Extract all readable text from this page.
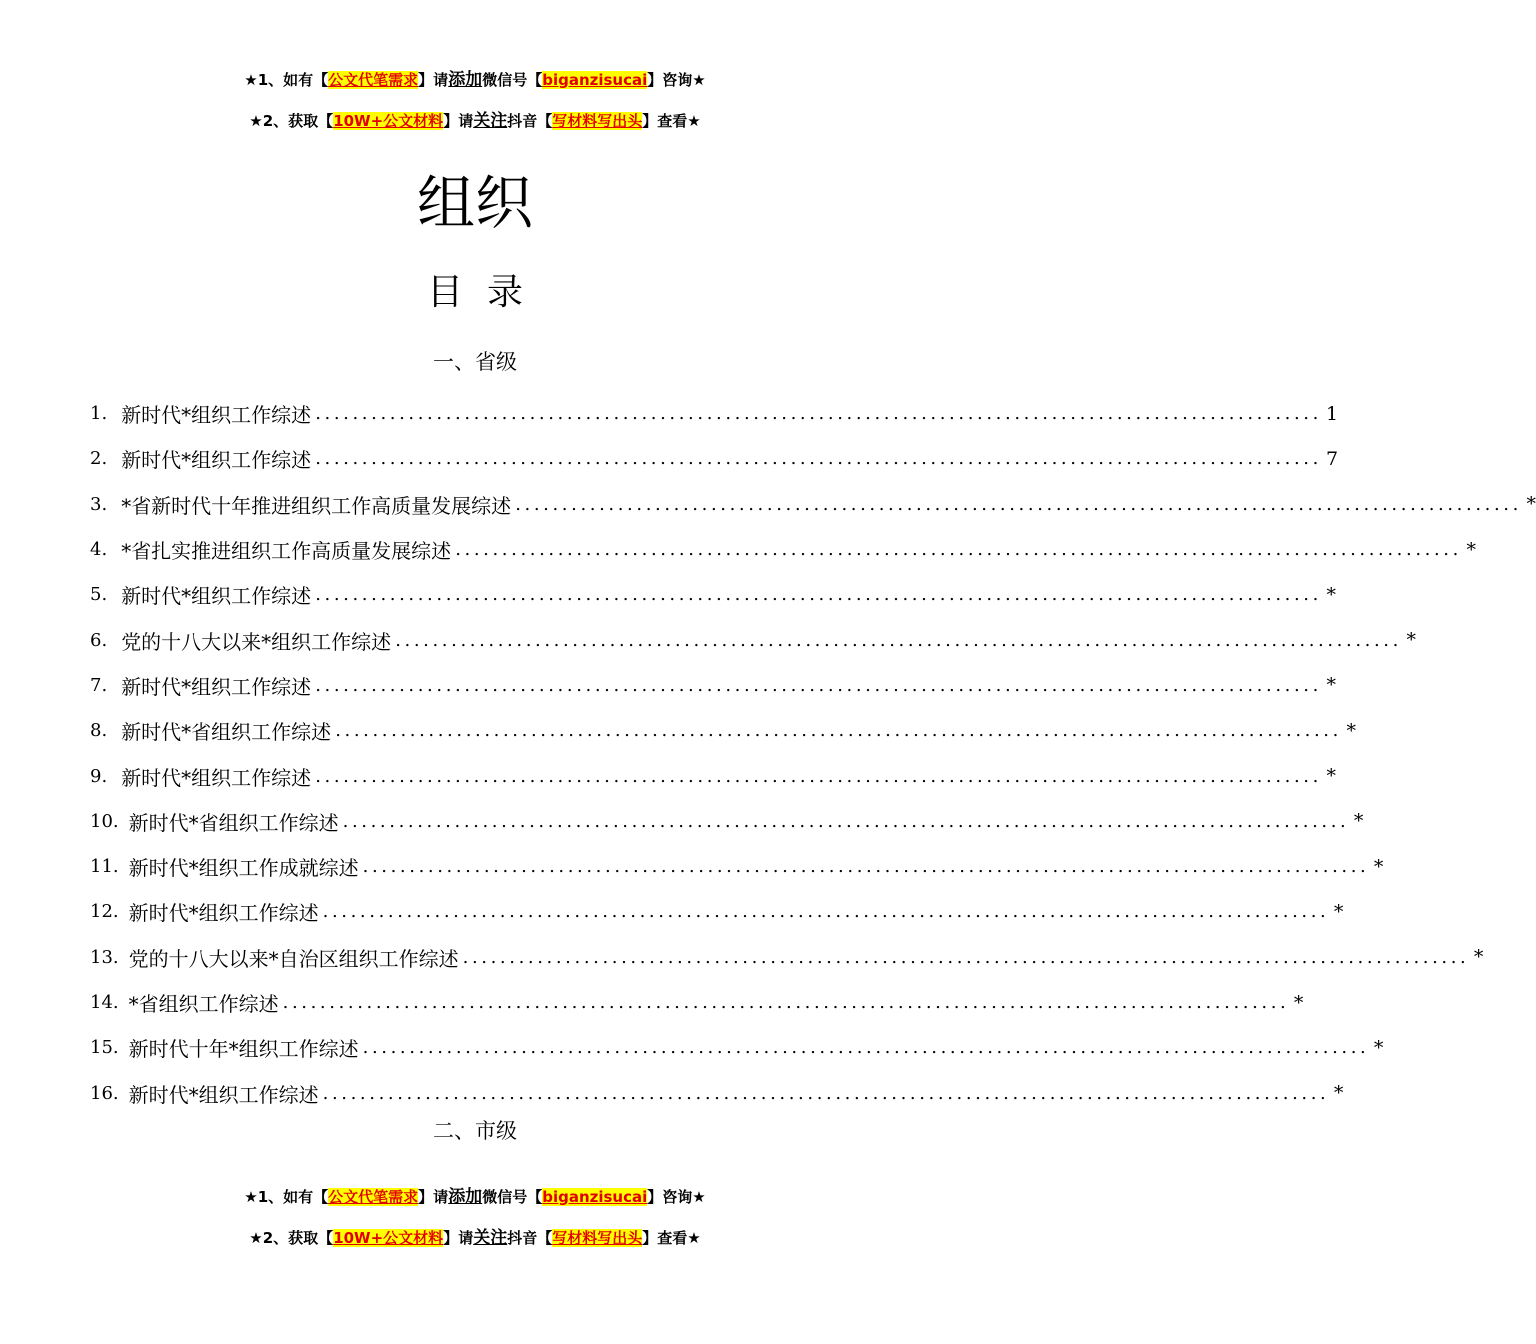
★1、如有【公文代笔需求】请添加微信号【biganzisucai】咨询★
★2、获取【10W+公文材料】请关注抖音【写材料写出头】查看★
组织
目录
一、省级
1. 新时代*组织工作综述 ............................................................................................................ 1
2. 新时代*组织工作综述 ............................................................................................................ 7
3. *省新时代十年推进组织工作高质量发展综述 ............................................................................................................ *
4. *省扎实推进组织工作高质量发展综述 ............................................................................................................ *
5. 新时代*组织工作综述 ............................................................................................................ *
6. 党的十八大以来*组织工作综述 ............................................................................................................ *
7. 新时代*组织工作综述 ............................................................................................................ *
8. 新时代*省组织工作综述 ............................................................................................................ *
9. 新时代*组织工作综述 ............................................................................................................ *
10. 新时代*省组织工作综述 ............................................................................................................ *
11. 新时代*组织工作成就综述 ............................................................................................................ *
12. 新时代*组织工作综述 ............................................................................................................ *
13. 党的十八大以来*自治区组织工作综述 ............................................................................................................ *
14. *省组织工作综述 ............................................................................................................ *
15. 新时代十年*组织工作综述 ............................................................................................................ *
16. 新时代*组织工作综述 ............................................................................................................ *
二、市级
★1、如有【公文代笔需求】请添加微信号【biganzisucai】咨询★
★2、获取【10W+公文材料】请关注抖音【写材料写出头】查看★
